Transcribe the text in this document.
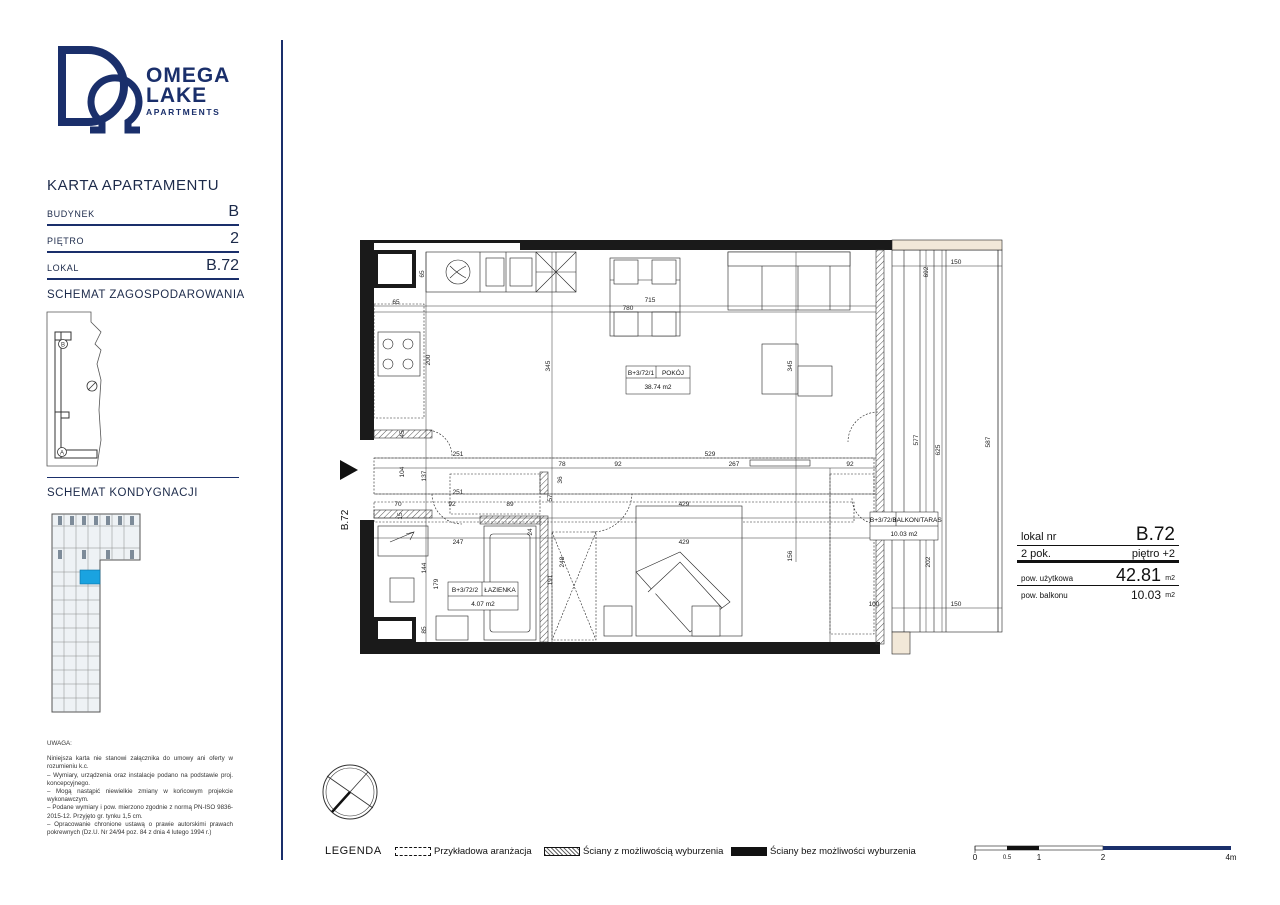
OMEGA
LAKE
APARTMENTS
KARTA APARTAMENTU
BUDYNEK	B
PIĘTRO	2
LOKAL	B.72
SCHEMAT ZAGOSPODAROWANIA
B
A
SCHEMAT KONDYGNACJI
UWAGA:
Niniejsza karta nie stanowi załącznika do umowy ani oferty w rozumieniu k.c.
– Wymiary, urządzenia oraz instalacje podano na podstawie proj. koncepcyjnego.
– Mogą nastąpić niewielkie zmiany w końcowym projekcie wykonawczym.
– Podane wymiary i pow. mierzono zgodnie z normą PN-ISO 9836-2015-12. Przyjęto gr. tynku 1,5 cm.
– Opracowanie chronione ustawą o prawie autorskimi prawach pokrewnych (Dz.U. Nr 24/94 poz. 84 z dnia 4 lutego 1994 r.)
65
65
780
715
345	345
200
251	529
267	92
78	92
104 137
70
251
89	429
429
92
247
144
179
85
248
191
57
24
36
156
100
150
150
692
577
625
587
202
15
45
B+3/72/1 POKÓJ
38.74 m2
B+3/72/2 ŁAZIENKA
4.07 m2
B+3/72/3
BALKON/TARAS
10.03 m2
B.72
lokal nr	B.72
2 pok.	piętro +2
pow. użytkowa 42.81 m2
pow. balkonu	10.03 m2
LEGENDA	Przykładowa aranżacja	Ściany z możliwością wyburzenia	Ściany bez możliwości wyburzenia
0	0.5	1	2	4m
